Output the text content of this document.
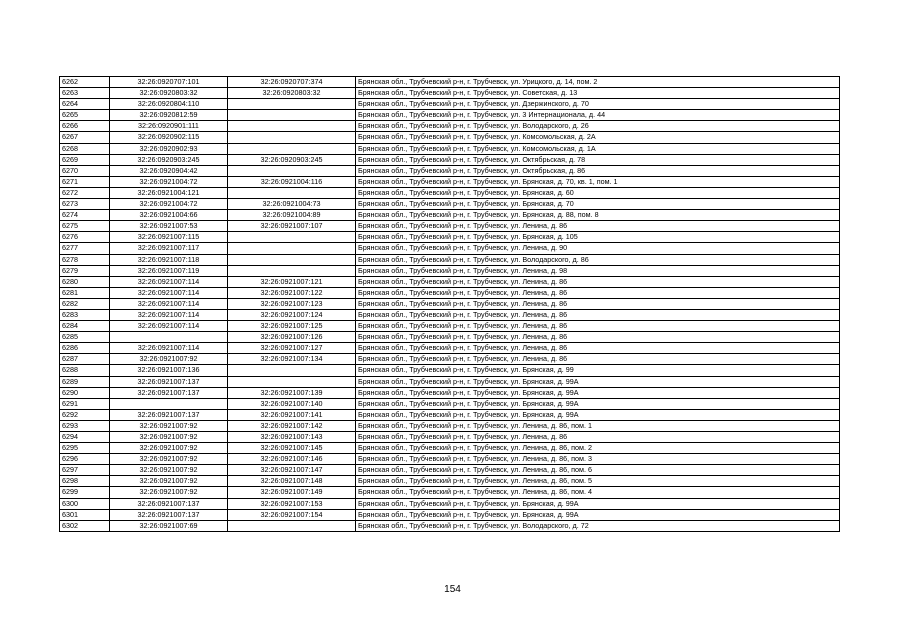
6262	32:26:0920707:101	32:26:0920707:374	Брянская обл., Трубчевский р-н, г. Трубчевск, ул. Урицкого, д. 14, пом. 2
6263	32:26:0920803:32	32:26:0920803:32	Брянская обл., Трубчевский р-н, г. Трубчевск, ул. Советская, д. 13
6264	32:26:0920804:110		Брянская обл., Трубчевский р-н, г. Трубчевск, ул. Дзержинского, д. 70
6265	32:26:0920812:59		Брянская обл., Трубчевский р-н, г. Трубчевск, ул. 3 Интернационала, д. 44
6266	32:26:0920901:111		Брянская обл., Трубчевский р-н, г. Трубчевск, ул. Володарского, д. 26
6267	32:26:0920902:115		Брянская обл., Трубчевский р-н, г. Трубчевск, ул. Комсомольская, д. 2А
6268	32:26:0920902:93		Брянская обл., Трубчевский р-н, г. Трубчевск, ул. Комсомольская, д. 1А
6269	32:26:0920903:245	32:26:0920903:245	Брянская обл., Трубчевский р-н, г. Трубчевск, ул. Октябрьская, д. 78
6270	32:26:0920904:42		Брянская обл., Трубчевский р-н, г. Трубчевск, ул. Октябрьская, д. 86
6271	32:26:0921004:72	32:26:0921004:116	Брянская обл., Трубчевский р-н, г. Трубчевск, ул. Брянская, д. 70, кв. 1, пом. 1
6272	32:26:0921004:121		Брянская обл., Трубчевский р-н, г. Трубчевск, ул. Брянская, д. 60
6273	32:26:0921004:72	32:26:0921004:73	Брянская обл., Трубчевский р-н, г. Трубчевск, ул. Брянская, д. 70
6274	32:26:0921004:66	32:26:0921004:89	Брянская обл., Трубчевский р-н, г. Трубчевск, ул. Брянская, д. 88, пом. 8
6275	32:26:0921007:53	32:26:0921007:107	Брянская обл., Трубчевский р-н, г. Трубчевск, ул. Ленина, д. 86
6276	32:26:0921007:115		Брянская обл., Трубчевский р-н, г. Трубчевск, ул. Брянская, д. 105
6277	32:26:0921007:117		Брянская обл., Трубчевский р-н, г. Трубчевск, ул. Ленина, д. 90
6278	32:26:0921007:118		Брянская обл., Трубчевский р-н, г. Трубчевск, ул. Володарского, д. 86
6279	32:26:0921007:119		Брянская обл., Трубчевский р-н, г. Трубчевск, ул. Ленина, д. 98
6280	32:26:0921007:114	32:26:0921007:121	Брянская обл., Трубчевский р-н, г. Трубчевск, ул. Ленина, д. 86
6281	32:26:0921007:114	32:26:0921007:122	Брянская обл., Трубчевский р-н, г. Трубчевск, ул. Ленина, д. 86
6282	32:26:0921007:114	32:26:0921007:123	Брянская обл., Трубчевский р-н, г. Трубчевск, ул. Ленина, д. 86
6283	32:26:0921007:114	32:26:0921007:124	Брянская обл., Трубчевский р-н, г. Трубчевск, ул. Ленина, д. 86
6284	32:26:0921007:114	32:26:0921007:125	Брянская обл., Трубчевский р-н, г. Трубчевск, ул. Ленина, д. 86
6285		32:26:0921007:126	Брянская обл., Трубчевский р-н, г. Трубчевск, ул. Ленина, д. 86
6286	32:26:0921007:114	32:26:0921007:127	Брянская обл., Трубчевский р-н, г. Трубчевск, ул. Ленина, д. 86
6287	32:26:0921007:92	32:26:0921007:134	Брянская обл., Трубчевский р-н, г. Трубчевск, ул. Ленина, д. 86
6288	32:26:0921007:136		Брянская обл., Трубчевский р-н, г. Трубчевск, ул. Брянская, д. 99
6289	32:26:0921007:137		Брянская обл., Трубчевский р-н, г. Трубчевск, ул. Брянская, д. 99А
6290	32:26:0921007:137	32:26:0921007:139	Брянская обл., Трубчевский р-н, г. Трубчевск, ул. Брянская, д. 99А
6291		32:26:0921007:140	Брянская обл., Трубчевский р-н, г. Трубчевск, ул. Брянская, д. 99А
6292	32:26:0921007:137	32:26:0921007:141	Брянская обл., Трубчевский р-н, г. Трубчевск, ул. Брянская, д. 99А
6293	32:26:0921007:92	32:26:0921007:142	Брянская обл., Трубчевский р-н, г. Трубчевск, ул. Ленина, д. 86, пом. 1
6294	32:26:0921007:92	32:26:0921007:143	Брянская обл., Трубчевский р-н, г. Трубчевск, ул. Ленина, д. 86
6295	32:26:0921007:92	32:26:0921007:145	Брянская обл., Трубчевский р-н, г. Трубчевск, ул. Ленина, д. 86, пом. 2
6296	32:26:0921007:92	32:26:0921007:146	Брянская обл., Трубчевский р-н, г. Трубчевск, ул. Ленина, д. 86, пом. 3
6297	32:26:0921007:92	32:26:0921007:147	Брянская обл., Трубчевский р-н, г. Трубчевск, ул. Ленина, д. 86, пом. 6
6298	32:26:0921007:92	32:26:0921007:148	Брянская обл., Трубчевский р-н, г. Трубчевск, ул. Ленина, д. 86, пом. 5
6299	32:26:0921007:92	32:26:0921007:149	Брянская обл., Трубчевский р-н, г. Трубчевск, ул. Ленина, д. 86, пом. 4
6300	32:26:0921007:137	32:26:0921007:153	Брянская обл., Трубчевский р-н, г. Трубчевск, ул. Брянская, д. 99А
6301	32:26:0921007:137	32:26:0921007:154	Брянская обл., Трубчевский р-н, г. Трубчевск, ул. Брянская, д. 99А
6302	32:26:0921007:69		Брянская обл., Трубчевский р-н, г. Трубчевск, ул. Володарского, д. 72
154
